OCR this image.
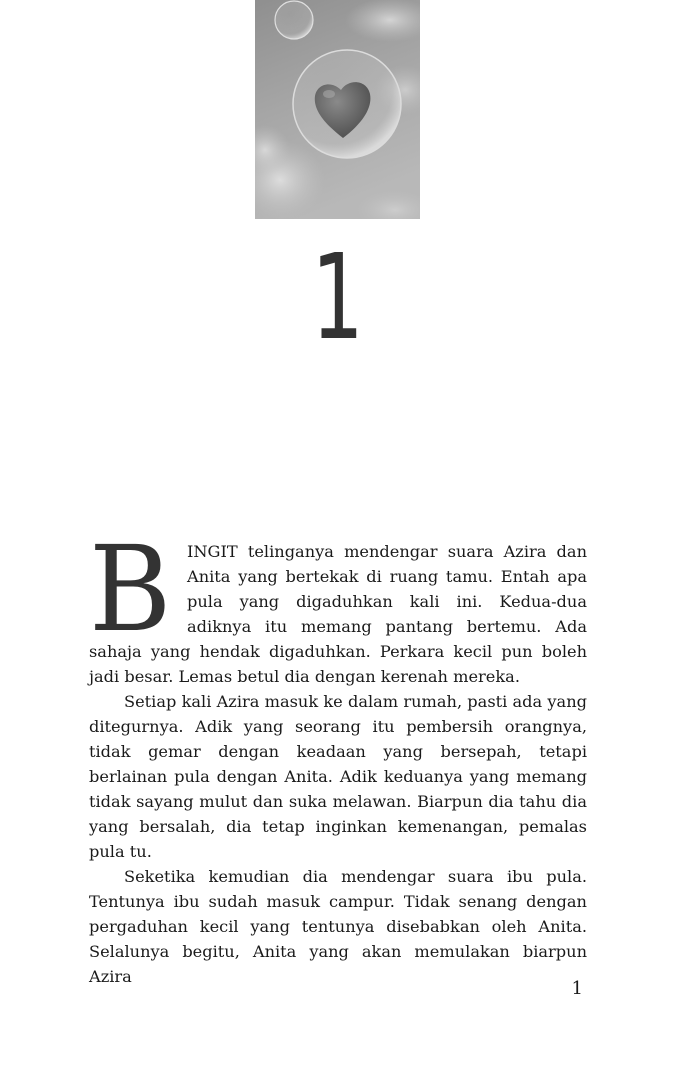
1

BINGIT telinganya mendengar suara Azira dan Anita yang bertekak di ruang tamu. Entah apa pula yang digaduhkan kali ini. Kedua-dua adiknya itu memang pantang bertemu. Ada sahaja yang hendak digaduhkan. Perkara kecil pun boleh jadi besar. Lemas betul dia dengan kerenah mereka.

Setiap kali Azira masuk ke dalam rumah, pasti ada yang ditegurnya. Adik yang seorang itu pembersih orangnya, tidak gemar dengan keadaan yang bersepah, tetapi berlainan pula dengan Anita. Adik keduanya yang memang tidak sayang mulut dan suka melawan. Biarpun dia tahu dia yang bersalah, dia tetap inginkan kemenangan, pemalas pula tu.

Seketika kemudian dia mendengar suara ibu pula. Tentunya ibu sudah masuk campur. Tidak senang dengan pergaduhan kecil yang tentunya disebabkan oleh Anita. Selalunya begitu, Anita yang akan memulakan biarpun Azira

1
